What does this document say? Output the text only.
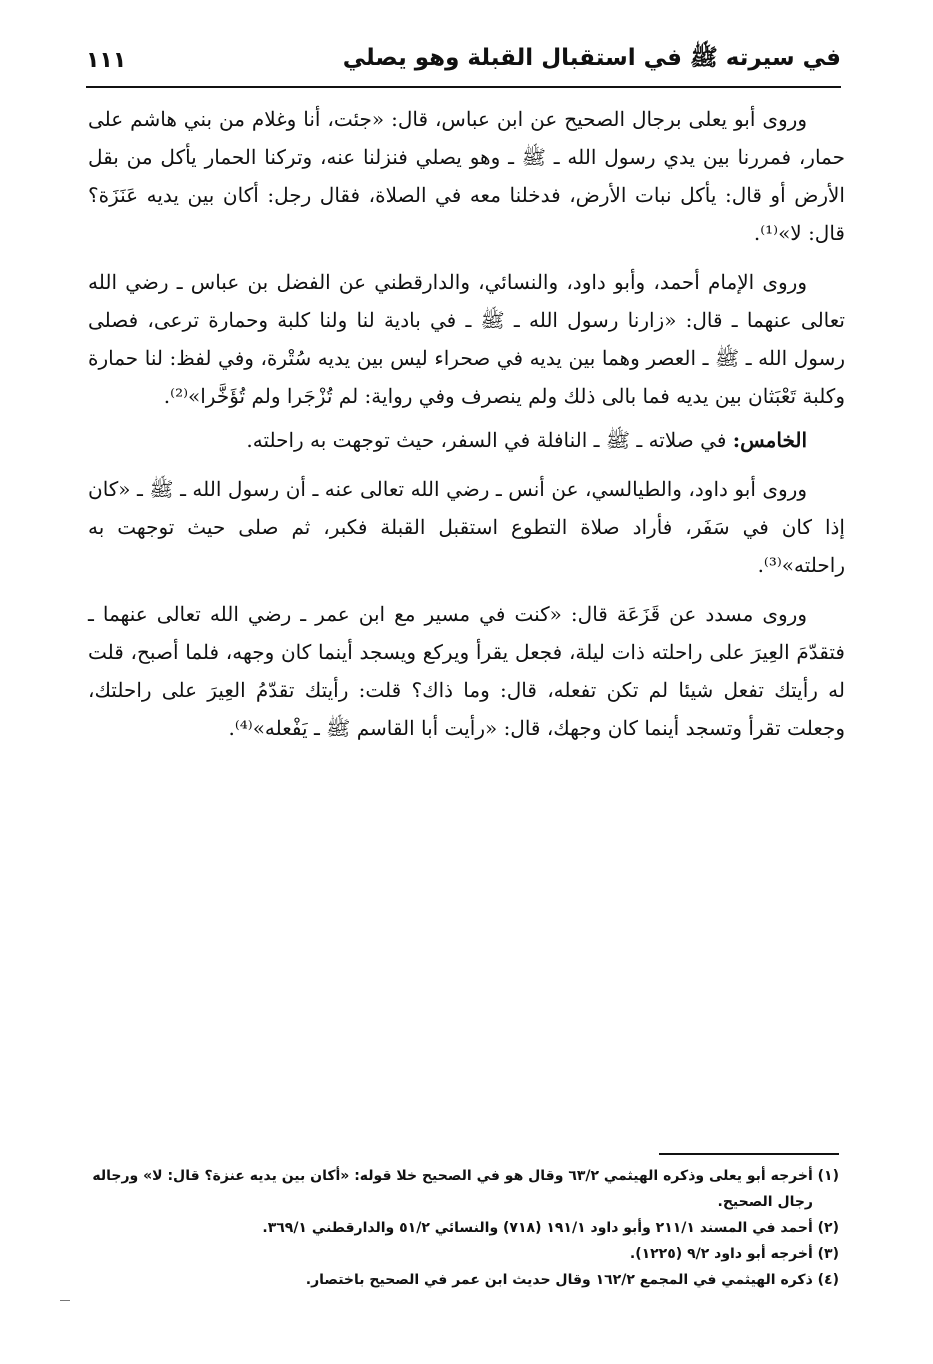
في سيرته ﷺ في استقبال القبلة وهو يصلي
١١١

وروى أبو يعلى برجال الصحيح عن ابن عباس، قال: «جئت، أنا وغلام من بني هاشم على حمار، فمررنا بين يدي رسول الله ـ ﷺ ـ وهو يصلي فنزلنا عنه، وتركنا الحمار يأكل من بقل الأرض أو قال: يأكل نبات الأرض، فدخلنا معه في الصلاة، فقال رجل: أكان بين يديه عَنَزَة؟ قال: لا»⁽¹⁾.

وروى الإمام أحمد، وأبو داود، والنسائي، والدارقطني عن الفضل بن عباس ـ رضي الله تعالى عنهما ـ قال: «زارنا رسول الله ـ ﷺ ـ في بادية لنا ولنا كلبة وحمارة ترعى، فصلى رسول الله ـ ﷺ ـ العصر وهما بين يديه في صحراء ليس بين يديه سُتْرة، وفي لفظ: لنا حمارة وكلبة تَعْبَثان بين يديه فما بالى ذلك ولم ينصرف وفي رواية: لم تُزْجَرا ولم تُؤَخَّرا»⁽²⁾.

الخامس: في صلاته ـ ﷺ ـ النافلة في السفر، حيث توجهت به راحلته.

وروى أبو داود، والطيالسي، عن أنس ـ رضي الله تعالى عنه ـ أن رسول الله ـ ﷺ ـ «كان إذا كان في سَفَر، فأراد صلاة التطوع استقبل القبلة فكبر، ثم صلى حيث توجهت به راحلته»⁽³⁾.

وروى مسدد عن قَزَعَة قال: «كنت في مسير مع ابن عمر ـ رضي الله تعالى عنهما ـ فتقدّمَ العِيرَ على راحلته ذات ليلة، فجعل يقرأ ويركع ويسجد أينما كان وجهه، فلما أصبح، قلت له رأيتك تفعل شيئا لم تكن تفعله، قال: وما ذاك؟ قلت: رأيتك تقدّمُ العِيرَ على راحلتك، وجعلت تقرأ وتسجد أينما كان وجهك، قال: «رأيت أبا القاسم ﷺ ـ يَفْعله»⁽⁴⁾.

(١) أخرجه أبو يعلى وذكره الهيثمي ٦٣/٢ وقال هو في الصحيح خلا قوله: «أكان بين يديه عنزة؟ قال: لا» ورجاله رجال الصحيح.

(٢) أحمد في المسند ٢١١/١ وأبو داود ١٩١/١ (٧١٨) والنسائي ٥١/٢ والدارقطني ٣٦٩/١.

(٣) أخرجه أبو داود ٩/٢ (١٢٢٥).

(٤) ذكره الهيثمي في المجمع ١٦٢/٢ وقال حديث ابن عمر في الصحيح باختصار.
